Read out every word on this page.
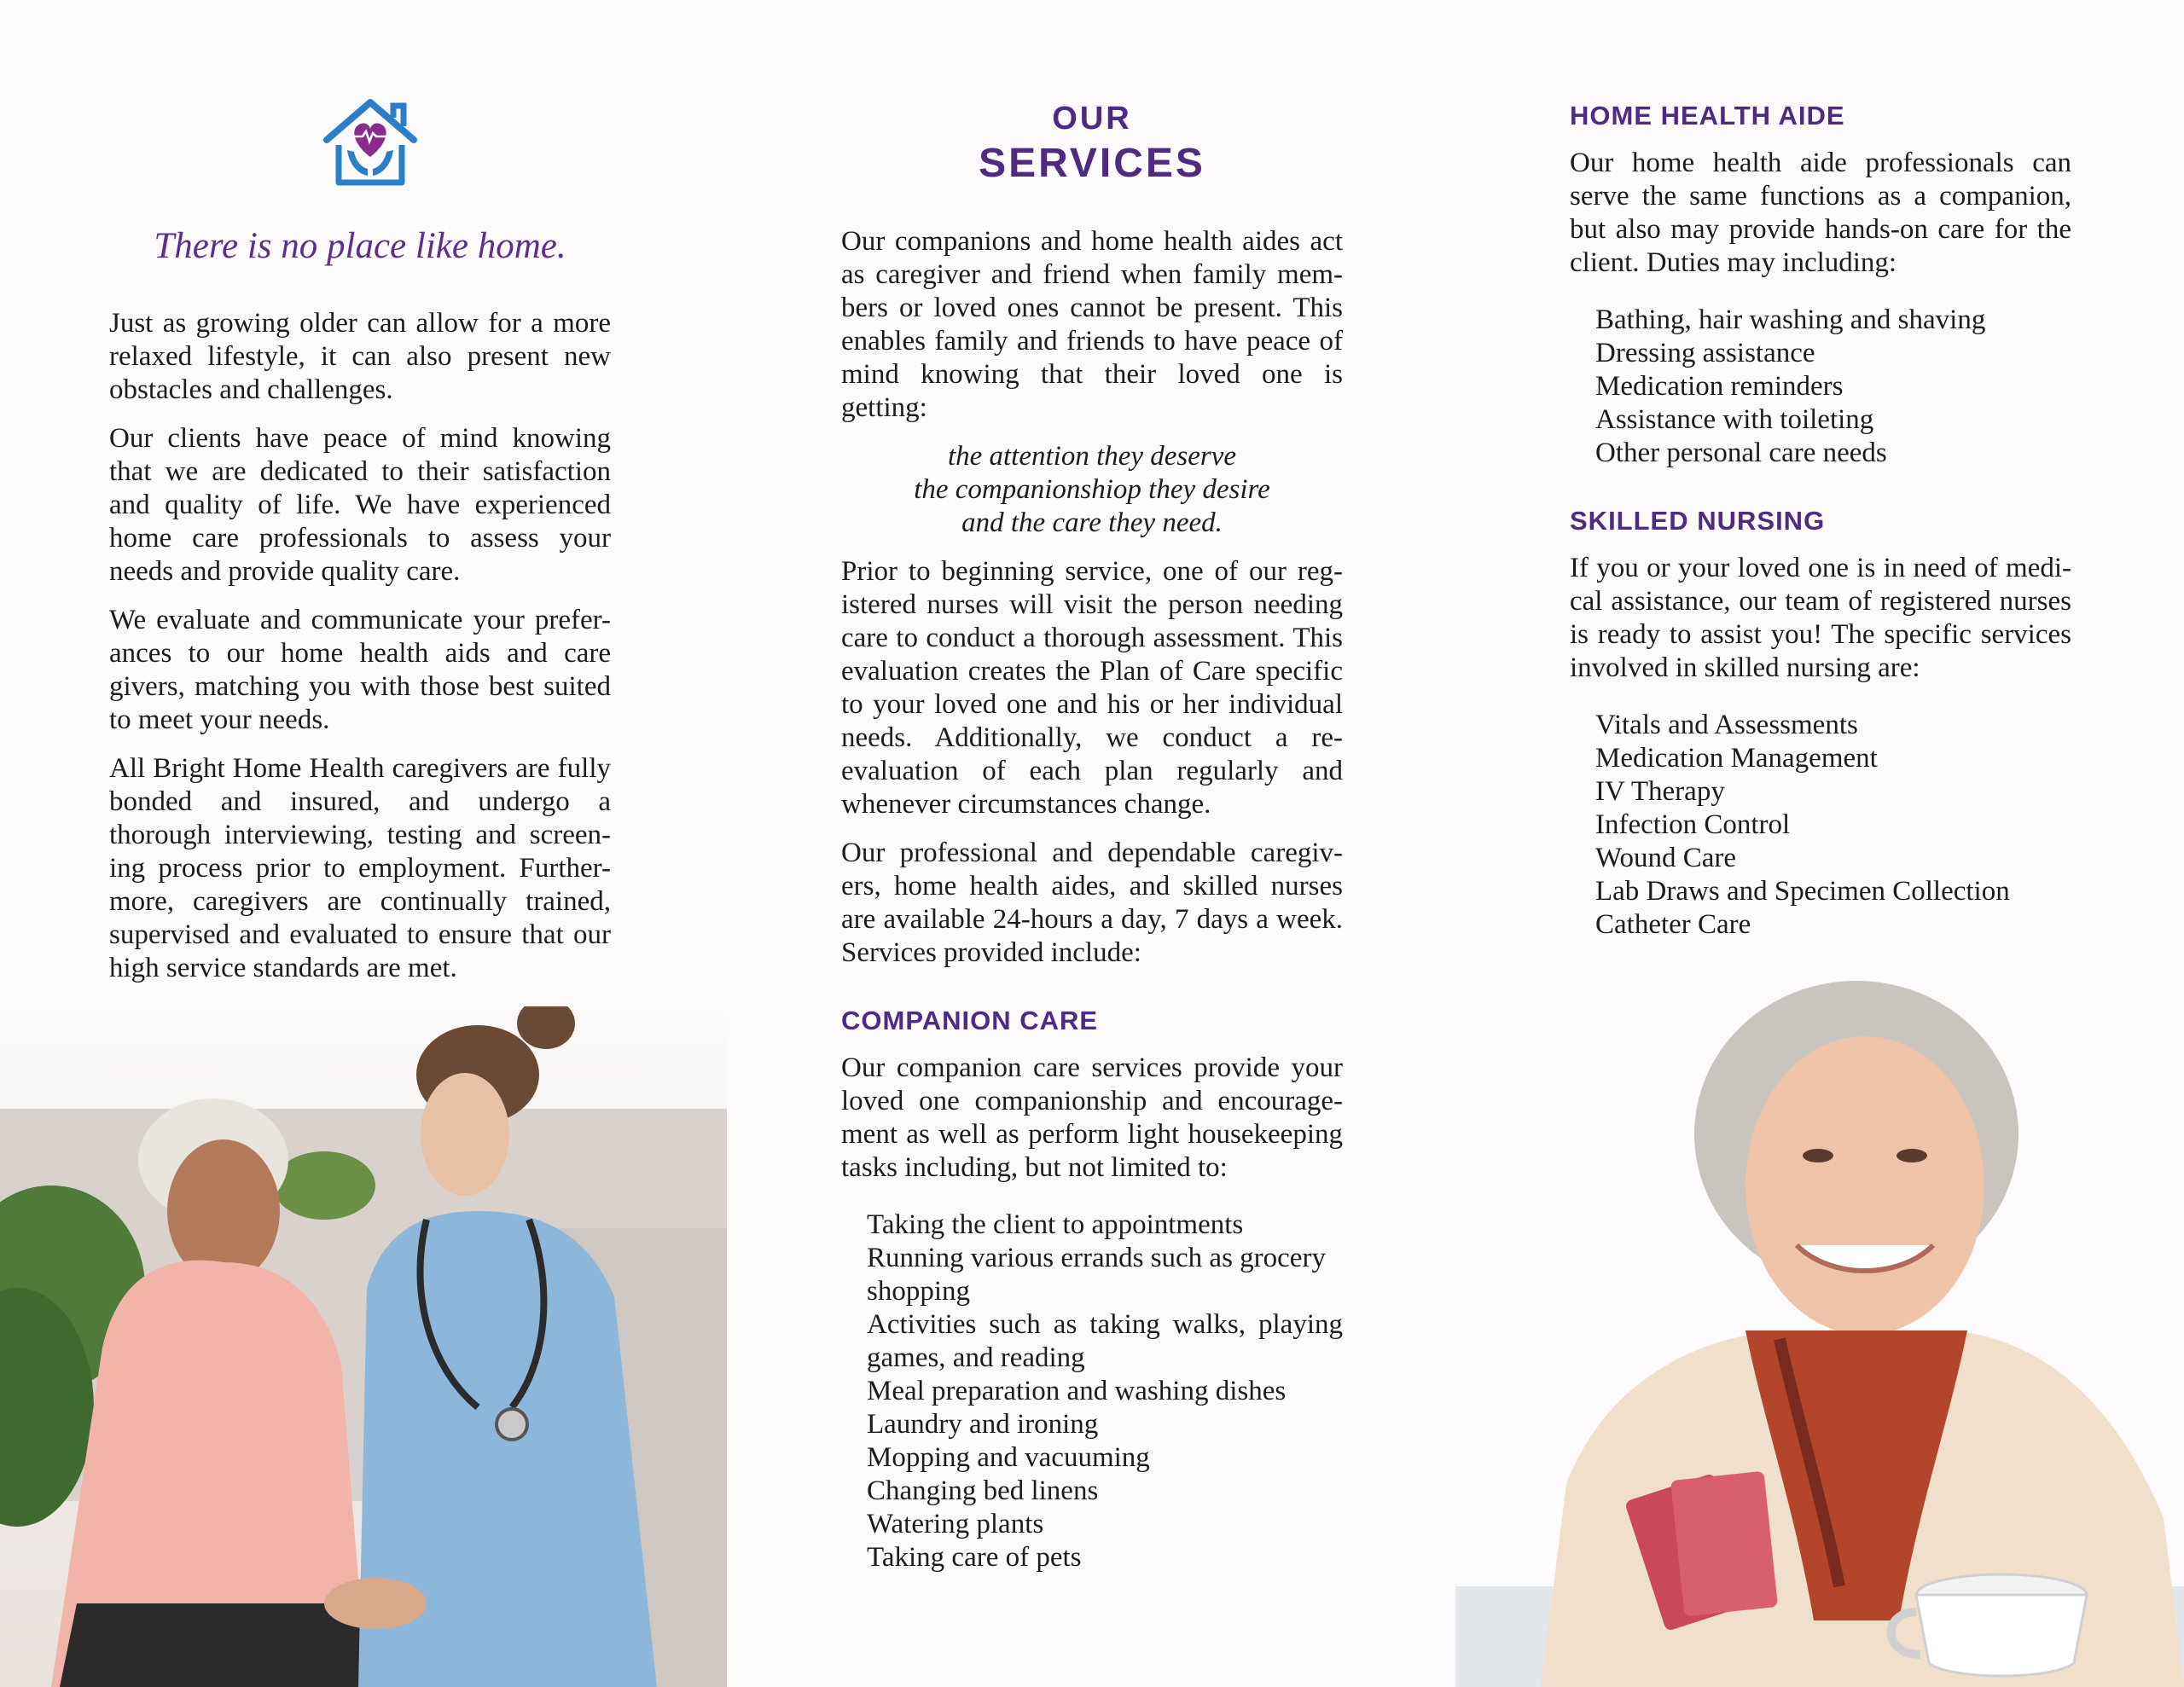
There is no place like home.

Just as growing older can allow for a more relaxed lifestyle, it can also present new obstacles and challenges.

Our clients have peace of mind knowing that we are dedicated to their satisfaction and quality of life. We have experienced home care professionals to assess your needs and provide quality care.

We evaluate and communicate your prefer-ances to our home health aids and care givers, matching you with those best suited to meet your needs.

All Bright Home Health caregivers are fully bonded and insured, and undergo a thorough interviewing, testing and screen-ing process prior to employment. Further-more, caregivers are continually trained, supervised and evaluated to ensure that our high service standards are met.

OUR
SERVICES

Our companions and home health aides act as caregiver and friend when family mem-bers or loved ones cannot be present. This enables family and friends to have peace of mind knowing that their loved one is getting:

the attention they deserve

the companionshiop they desire

and the care they need.

Prior to beginning service, one of our reg-istered nurses will visit the person needing care to conduct a thorough assessment. This evaluation creates the Plan of Care specific to your loved one and his or her individual needs. Additionally, we conduct a re-evaluation of each plan regularly and whenever circumstances change.

Our professional and dependable caregiv-ers, home health aides, and skilled nurses are available 24-hours a day, 7 days a week. Services provided include:

COMPANION CARE

Our companion care services provide your loved one companionship and encourage-ment as well as perform light housekeeping tasks including, but not limited to:

Taking the client to appointments
Running various errands such as grocery shopping
Activities such as taking walks, playing games, and reading
Meal preparation and washing dishes
Laundry and ironing
Mopping and vacuuming
Changing bed linens
Watering plants
Taking care of pets

HOME HEALTH AIDE

Our home health aide professionals can serve the same functions as a companion, but also may provide hands-on care for the client. Duties may including:

Bathing, hair washing and shaving
Dressing assistance
Medication reminders
Assistance with toileting
Other personal care needs

SKILLED NURSING

If you or your loved one is in need of medi-cal assistance, our team of registered nurses is ready to assist you! The specific services involved in skilled nursing are:

Vitals and Assessments
Medication Management
IV Therapy
Infection Control
Wound Care
Lab Draws and Specimen Collection
Catheter Care
